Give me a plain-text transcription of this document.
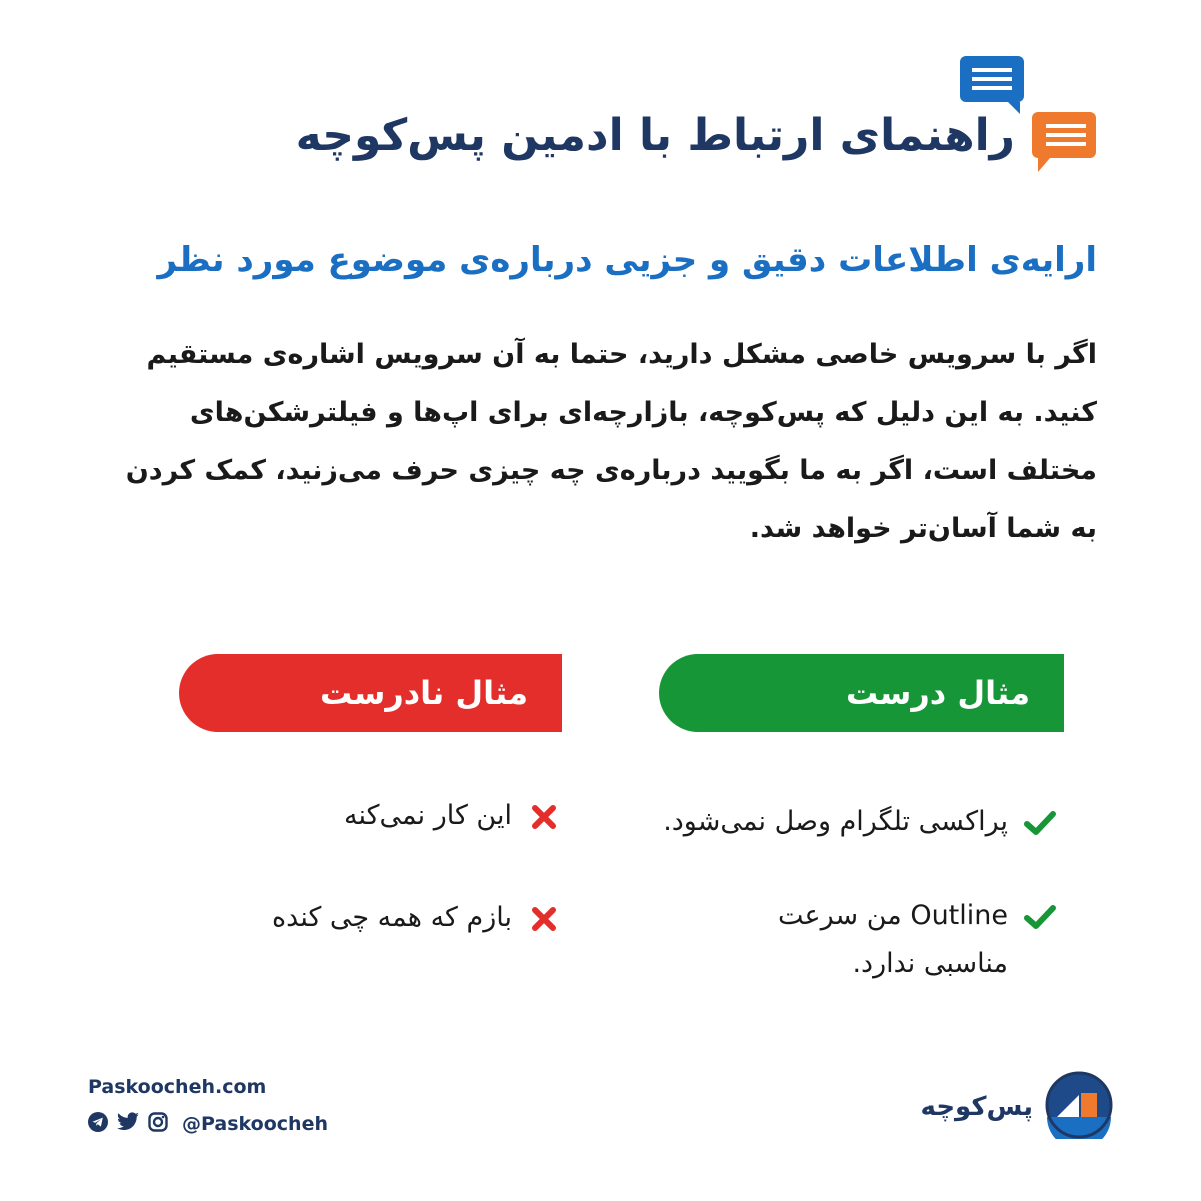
راهنمای ارتباط با ادمین پس‌کوچه
ارایه‌ی اطلاعات دقیق و جزیی درباره‌ی موضوع مورد نظر
اگر با سرویس خاصی مشکل دارید، حتما به آن سرویس اشاره‌ی مستقیم کنید. به این دلیل که پس‌کوچه، بازارچه‌ای برای اپ‌ها و فیلترشکن‌های مختلف است، اگر به ما بگویید درباره‌ی چه چیزی حرف می‌زنید، کمک کردن به شما آسان‌تر خواهد شد.
مثال درست
مثال نادرست
پراکسی تلگرام وصل نمی‌شود.
Outline من سرعت مناسبی ندارد.
این کار نمی‌کنه
بازم که همه چی کنده
Paskoocheh.com
@Paskoocheh
پس‌کوچه
